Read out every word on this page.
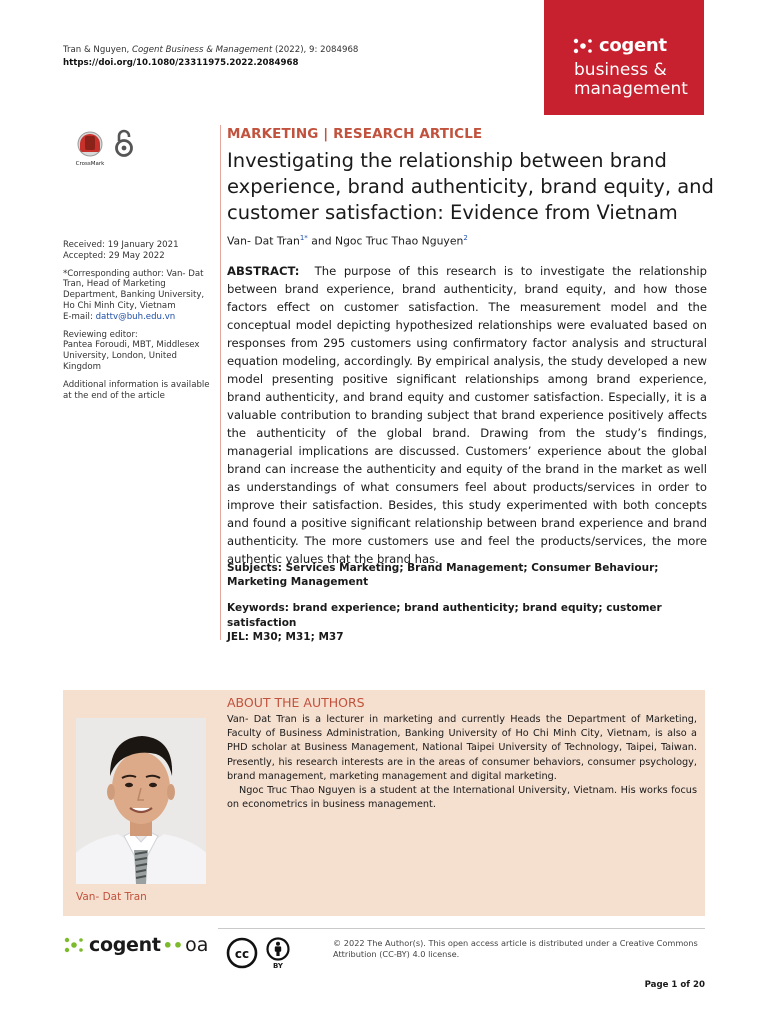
Tran & Nguyen, Cogent Business & Management (2022), 9: 2084968
https://doi.org/10.1080/23311975.2022.2084968
cogent
business &
management
CrossMark

Received: 19 January 2021

Accepted: 29 May 2022

*Corresponding author: Van- Dat Tran, Head of Marketing Department, Banking University, Ho Chi Minh City, Vietnam

E-mail: dattv@buh.edu.vn

Reviewing editor:

Pantea Foroudi, MBT, Middlesex University, London, United Kingdom

Additional information is available at the end of the article

MARKETING | RESEARCH ARTICLE
Investigating the relationship between brand experience, brand authenticity, brand equity, and customer satisfaction: Evidence from Vietnam
Van- Dat Tran$^{1*}$ and Ngoc Truc Thao Nguyen$^2$
ABSTRACT: The purpose of this research is to investigate the relationship between brand experience, brand authenticity, brand equity, and how those factors effect on customer satisfaction. The measurement model and the conceptual model depicting hypothesized relationships were evaluated based on responses from 295 customers using confirmatory factor analysis and structural equation modeling, accordingly. By empirical analysis, the study developed a new model presenting positive significant relationships among brand experience, brand authenticity, and brand equity and customer satisfaction. Especially, it is a valuable contribution to branding subject that brand experience positively affects the authenticity of the global brand. Drawing from the study’s findings, managerial implications are discussed. Customers’ experience about the global brand can increase the authenticity and equity of the brand in the market as well as understandings of what consumers feel about products/services in order to improve their satisfaction. Besides, this study experimented with both concepts and found a positive significant relationship between brand experience and brand authenticity. The more customers use and feel the products/services, the more authentic values that the brand has.
Subjects: Services Marketing; Brand Management; Consumer Behaviour; Marketing Management
Keywords: brand experience; brand authenticity; brand equity; customer satisfaction
JEL: M30; M31; M37
Van- Dat Tran
ABOUT THE AUTHORS

Van- Dat Tran is a lecturer in marketing and currently Heads the Department of Marketing, Faculty of Business Administration, Banking University of Ho Chi Minh City, Vietnam, is also a PHD scholar at Business Management, National Taipei University of Technology, Taipei, Taiwan. Presently, his research interests are in the areas of consumer behaviors, consumer psychology, brand management, marketing management and digital marketing.

Ngoc Truc Thao Nguyen is a student at the International University, Vietnam. His works focus on econometrics in business management.

cogent •• oa cc
BY
© 2022 The Author(s). This open access article is distributed under a Creative Commons Attribution (CC-BY) 4.0 license.
Page 1 of 20
